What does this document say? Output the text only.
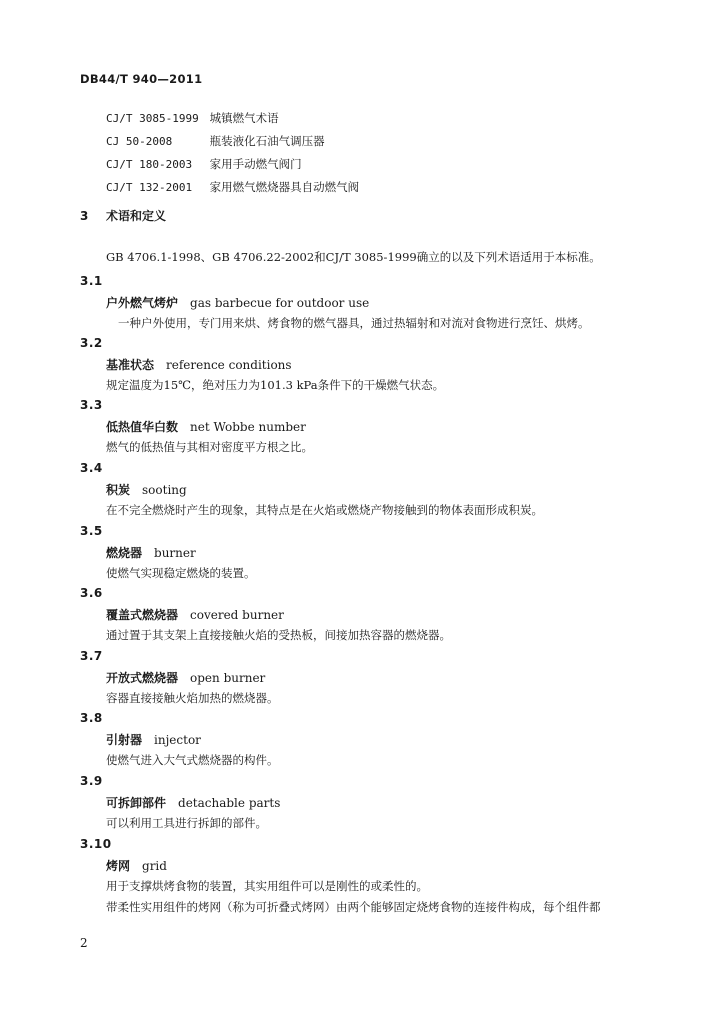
DB44/T 940—2011
CJ/T 3085-1999 城镇燃气术语
CJ 50-2008	瓶装液化石油气调压器
CJ/T 180-2003 家用手动燃气阀门
CJ/T 132-2001 家用燃气燃烧器具自动燃气阀
3 术语和定义
GB 4706.1-1998、GB 4706.22-2002和CJ/T 3085-1999确立的以及下列术语适用于本标准。
3.1
户外燃气烤炉 gas barbecue for outdoor use
一种户外使用，专门用来烘、烤食物的燃气器具，通过热辐射和对流对食物进行烹饪、烘烤。
3.2
基准状态 reference conditions
规定温度为15℃，绝对压力为101.3 kPa条件下的干燥燃气状态。
3.3
低热值华白数 net Wobbe number
燃气的低热值与其相对密度平方根之比。
3.4
积炭 sooting
在不完全燃烧时产生的现象，其特点是在火焰或燃烧产物接触到的物体表面形成积炭。
3.5
燃烧器 burner
使燃气实现稳定燃烧的装置。
3.6
覆盖式燃烧器 covered burner
通过置于其支架上直接接触火焰的受热板，间接加热容器的燃烧器。
3.7
开放式燃烧器 open burner
容器直接接触火焰加热的燃烧器。
3.8
引射器 injector
使燃气进入大气式燃烧器的构件。
3.9
可拆卸部件 detachable parts
可以利用工具进行拆卸的部件。
3.10
烤网 grid
用于支撑烘烤食物的装置，其实用组件可以是刚性的或柔性的。
带柔性实用组件的烤网（称为可折叠式烤网）由两个能够固定烧烤食物的连接件构成，每个组件都
2
